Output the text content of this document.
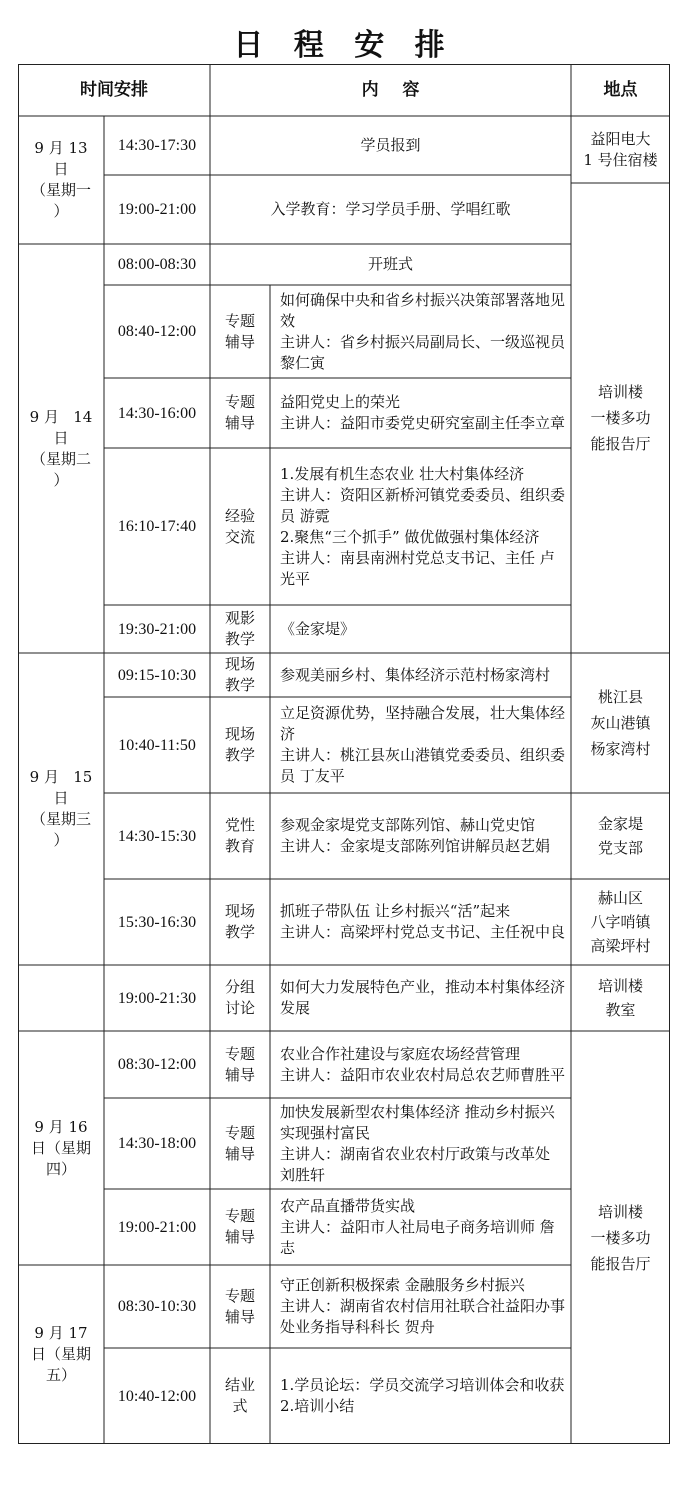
日 程 安 排
时间安排	内    容	地点
9 月 13
日
（星期一
）
9 月   14
日
（星期二
）
9 月   15
日
（星期三
）
9 月 16
日（星期
四）
9 月 17
日（星期
五）
14:30-17:30
19:00-21:00
08:00-08:30
08:40-12:00
14:30-16:00
16:10-17:40
19:30-21:00
09:15-10:30
10:40-11:50
14:30-15:30
15:30-16:30
19:00-21:30
08:30-12:00
14:30-18:00
19:00-21:00
08:30-10:30
10:40-12:00
专题
辅导
专题
辅导
经验
交流
观影
教学
现场
教学
现场
教学
党性
教育
现场
教学
分组
讨论
专题
辅导
专题
辅导
专题
辅导
专题
辅导
结业
式
学员报到
入学教育：学习学员手册、学唱红歌
开班式
如何确保中央和省乡村振兴决策部署落地见效
主讲人：省乡村振兴局副局长、一级巡视员黎仁寅
益阳党史上的荣光
主讲人：益阳市委党史研究室副主任李立章
1.发展有机生态农业 壮大村集体经济
主讲人：资阳区新桥河镇党委委员、组织委员 游霓
2.聚焦“三个抓手” 做优做强村集体经济
主讲人：南县南洲村党总支书记、主任 卢光平
《金家堤》
参观美丽乡村、集体经济示范村杨家湾村
立足资源优势，坚持融合发展，壮大集体经济
主讲人：桃江县灰山港镇党委委员、组织委员 丁友平
参观金家堤党支部陈列馆、赫山党史馆
主讲人：金家堤支部陈列馆讲解员赵艺娟
抓班子带队伍 让乡村振兴“活”起来
主讲人：高梁坪村党总支书记、主任祝中良
如何大力发展特色产业，推动本村集体经济发展
农业合作社建设与家庭农场经营管理
主讲人：益阳市农业农村局总农艺师曹胜平
加快发展新型农村集体经济 推动乡村振兴实现强村富民
主讲人：湖南省农业农村厅政策与改革处 刘胜轩
农产品直播带货实战
主讲人：益阳市人社局电子商务培训师 詹志
守正创新积极探索 金融服务乡村振兴
主讲人：湖南省农村信用社联合社益阳办事处业务指导科科长 贺舟
1.学员论坛：学员交流学习培训体会和收获
2.培训小结
益阳电大
1 号住宿楼
培训楼
一楼多功
能报告厅
桃江县
灰山港镇
杨家湾村
金家堤
党支部
赫山区
八字哨镇
高梁坪村
培训楼
教室
培训楼
一楼多功
能报告厅
